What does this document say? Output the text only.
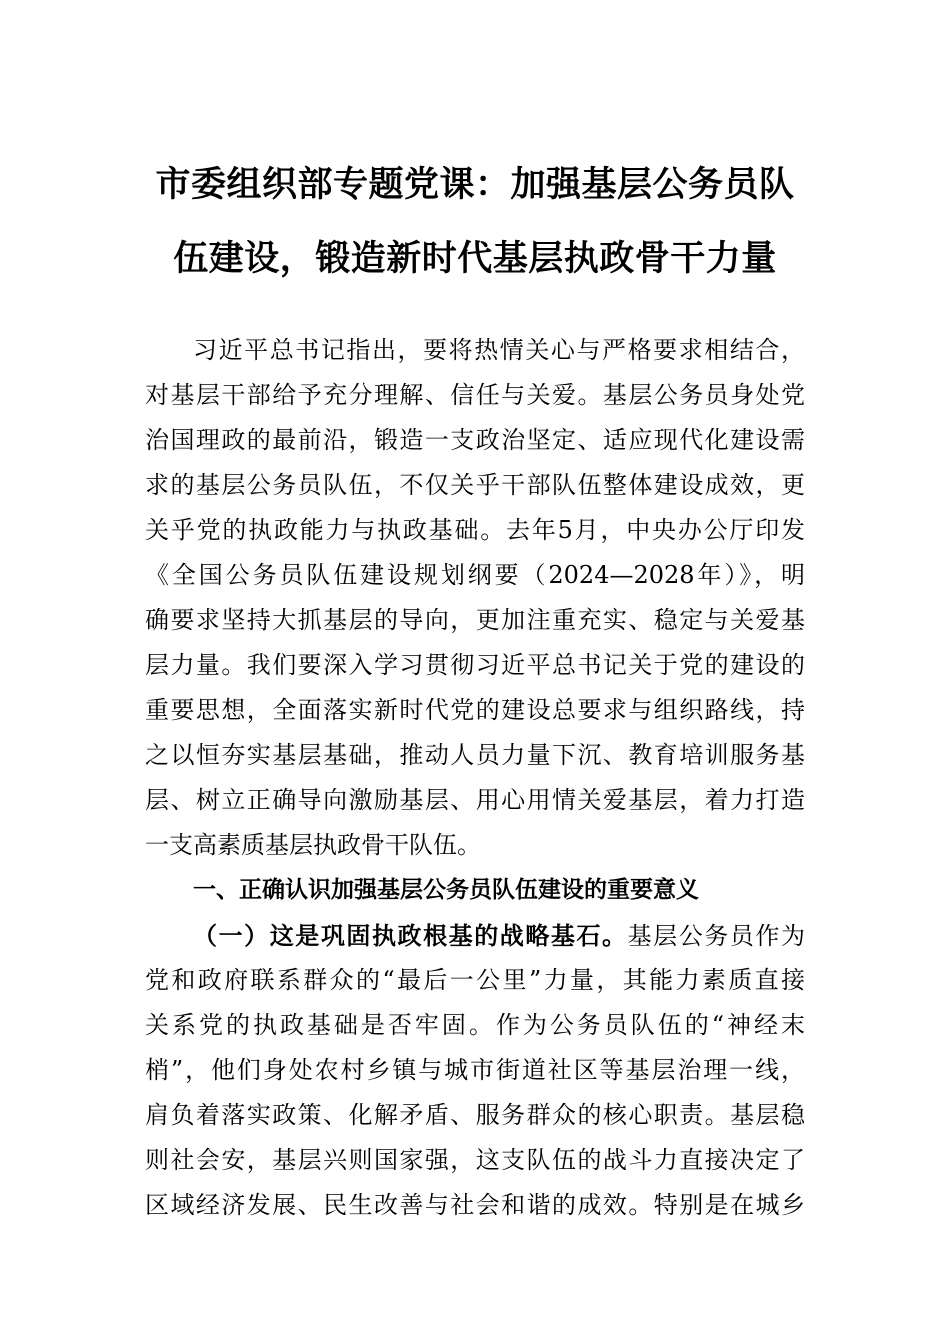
市委组织部专题党课：加强基层公务员队
伍建设，锻造新时代基层执政骨干力量
习近平总书记指出，要将热情关心与严格要求相结合，
对基层干部给予充分理解、信任与关爱。基层公务员身处党
治国理政的最前沿，锻造一支政治坚定、适应现代化建设需
求的基层公务员队伍，不仅关乎干部队伍整体建设成效，更
关乎党的执政能力与执政基础。去年5月，中央办公厅印发
《全国公务员队伍建设规划纲要（2024—2028年）》，明
确要求坚持大抓基层的导向，更加注重充实、稳定与关爱基
层力量。我们要深入学习贯彻习近平总书记关于党的建设的
重要思想，全面落实新时代党的建设总要求与组织路线，持
之以恒夯实基层基础，推动人员力量下沉、教育培训服务基
层、树立正确导向激励基层、用心用情关爱基层，着力打造
一支高素质基层执政骨干队伍。
一、正确认识加强基层公务员队伍建设的重要意义
（一）这是巩固执政根基的战略基石。基层公务员作为
党和政府联系群众的“最后一公里”力量，其能力素质直接
关系党的执政基础是否牢固。作为公务员队伍的“神经末
梢”，他们身处农村乡镇与城市街道社区等基层治理一线，
肩负着落实政策、化解矛盾、服务群众的核心职责。基层稳
则社会安，基层兴则国家强，这支队伍的战斗力直接决定了
区域经济发展、民生改善与社会和谐的成效。特别是在城乡
